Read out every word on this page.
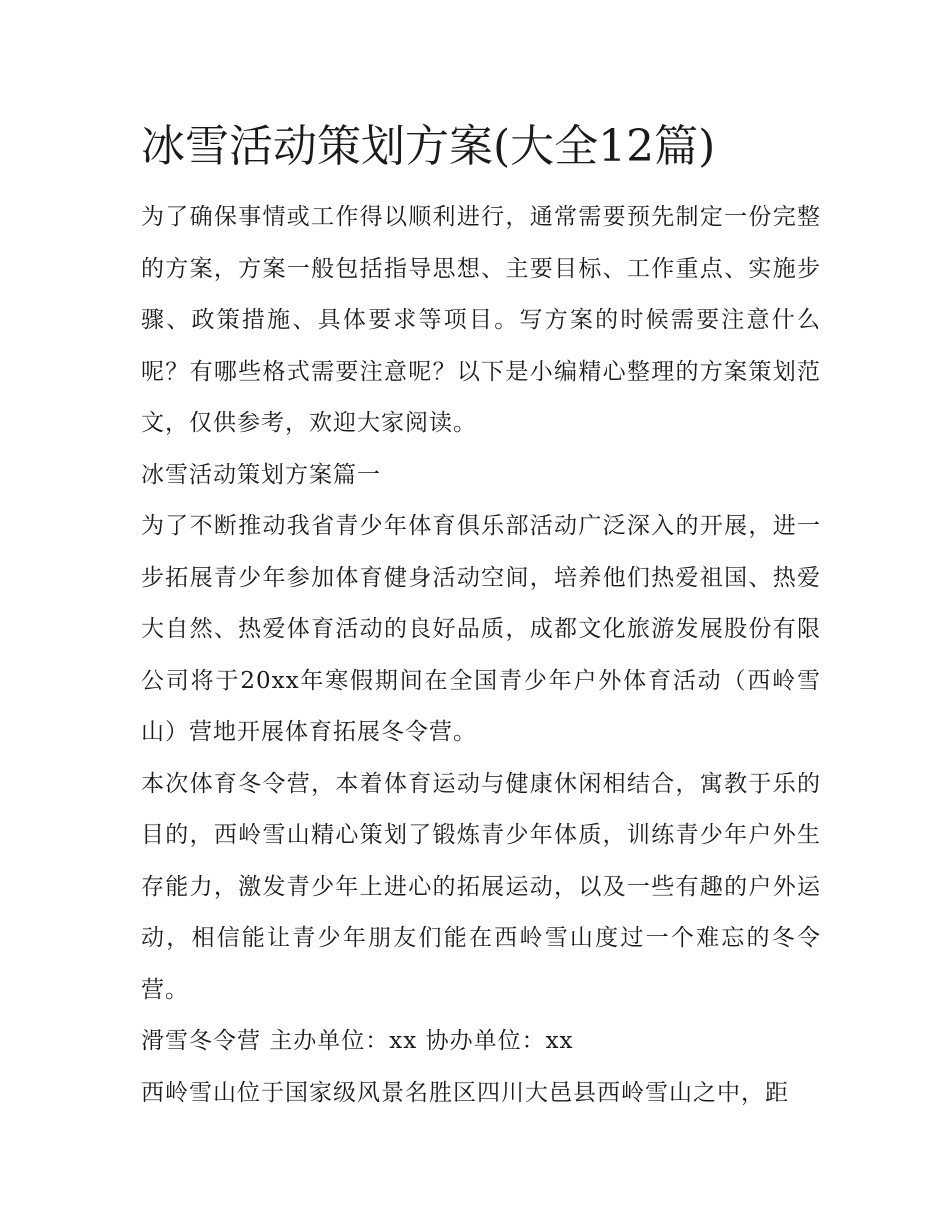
冰雪活动策划方案(大全12篇)

为了确保事情或工作得以顺利进行，通常需要预先制定一份完整的方案，方案一般包括指导思想、主要目标、工作重点、实施步骤、政策措施、具体要求等项目。写方案的时候需要注意什么呢？有哪些格式需要注意呢？以下是小编精心整理的方案策划范文，仅供参考，欢迎大家阅读。

冰雪活动策划方案篇一

为了不断推动我省青少年体育俱乐部活动广泛深入的开展，进一步拓展青少年参加体育健身活动空间，培养他们热爱祖国、热爱大自然、热爱体育活动的良好品质，成都文化旅游发展股份有限公司将于20xx年寒假期间在全国青少年户外体育活动（西岭雪山）营地开展体育拓展冬令营。

本次体育冬令营，本着体育运动与健康休闲相结合，寓教于乐的目的，西岭雪山精心策划了锻炼青少年体质，训练青少年户外生存能力，激发青少年上进心的拓展运动，以及一些有趣的户外运动，相信能让青少年朋友们能在西岭雪山度过一个难忘的冬令营。

滑雪冬令营 主办单位：xx 协办单位：xx

西岭雪山位于国家级风景名胜区四川大邑县西岭雪山之中，距
